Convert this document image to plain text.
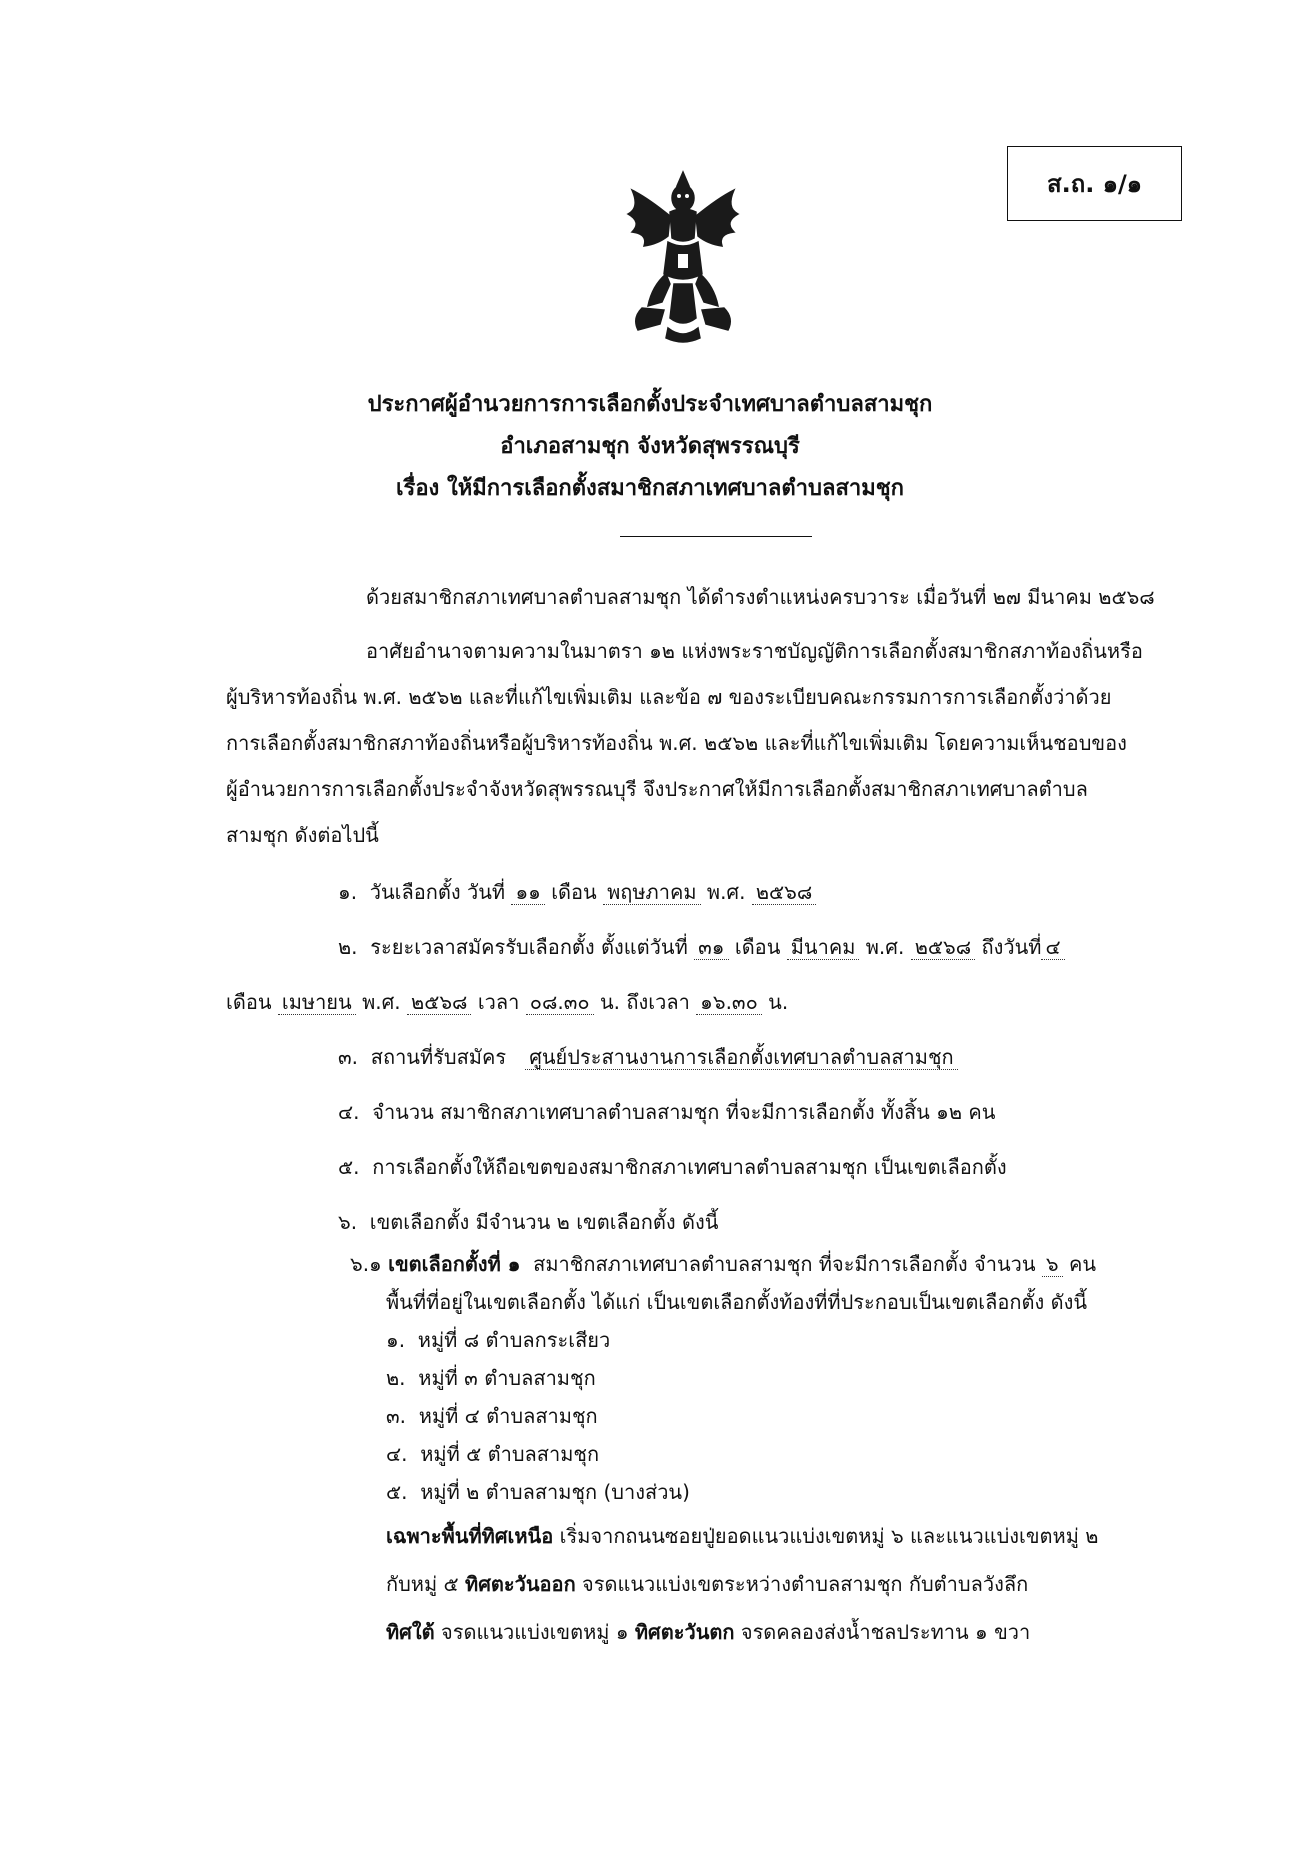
ส.ถ. ๑/๑
ประกาศผู้อำนวยการการเลือกตั้งประจำเทศบาลตำบลสามชุก
อำเภอสามชุก จังหวัดสุพรรณบุรี
เรื่อง ให้มีการเลือกตั้งสมาชิกสภาเทศบาลตำบลสามชุก
ด้วยสมาชิกสภาเทศบาลตำบลสามชุก ได้ดำรงตำแหน่งครบวาระ เมื่อวันที่ ๒๗ มีนาคม ๒๕๖๘
อาศัยอำนาจตามความในมาตรา ๑๒ แห่งพระราชบัญญัติการเลือกตั้งสมาชิกสภาท้องถิ่นหรือ
ผู้บริหารท้องถิ่น พ.ศ. ๒๕๖๒ และที่แก้ไขเพิ่มเติม และข้อ ๗ ของระเบียบคณะกรรมการการเลือกตั้งว่าด้วย
การเลือกตั้งสมาชิกสภาท้องถิ่นหรือผู้บริหารท้องถิ่น พ.ศ. ๒๕๖๒ และที่แก้ไขเพิ่มเติม โดยความเห็นชอบของ
ผู้อำนวยการการเลือกตั้งประจำจังหวัดสุพรรณบุรี จึงประกาศให้มีการเลือกตั้งสมาชิกสภาเทศบาลตำบล
สามชุก ดังต่อไปนี้
๑. วันเลือกตั้ง วันที่ ๑๑ เดือน พฤษภาคม พ.ศ. ๒๕๖๘
๒. ระยะเวลาสมัครรับเลือกตั้ง ตั้งแต่วันที่ ๓๑ เดือน มีนาคม พ.ศ. ๒๕๖๘ ถึงวันที่ ๔
เดือน เมษายน พ.ศ. ๒๕๖๘ เวลา ๐๘.๓๐ น. ถึงเวลา ๑๖.๓๐ น.
๓. สถานที่รับสมัคร ศูนย์ประสานงานการเลือกตั้งเทศบาลตำบลสามชุก
๔. จำนวน สมาชิกสภาเทศบาลตำบลสามชุก ที่จะมีการเลือกตั้ง ทั้งสิ้น ๑๒ คน
๕. การเลือกตั้งให้ถือเขตของสมาชิกสภาเทศบาลตำบลสามชุก เป็นเขตเลือกตั้ง
๖. เขตเลือกตั้ง มีจำนวน ๒ เขตเลือกตั้ง ดังนี้
๖.๑ เขตเลือกตั้งที่ ๑ สมาชิกสภาเทศบาลตำบลสามชุก ที่จะมีการเลือกตั้ง จำนวน ๖ คน
พื้นที่ที่อยู่ในเขตเลือกตั้ง ได้แก่ เป็นเขตเลือกตั้งท้องที่ที่ประกอบเป็นเขตเลือกตั้ง ดังนี้
๑. หมู่ที่ ๘ ตำบลกระเสียว
๒. หมู่ที่ ๓ ตำบลสามชุก
๓. หมู่ที่ ๔ ตำบลสามชุก
๔. หมู่ที่ ๕ ตำบลสามชุก
๕. หมู่ที่ ๒ ตำบลสามชุก (บางส่วน)
เฉพาะพื้นที่ทิศเหนือ เริ่มจากถนนซอยปู่ยอดแนวแบ่งเขตหมู่ ๖ และแนวแบ่งเขตหมู่ ๒
กับหมู่ ๕ ทิศตะวันออก จรดแนวแบ่งเขตระหว่างตำบลสามชุก กับตำบลวังลึก
ทิศใต้ จรดแนวแบ่งเขตหมู่ ๑ ทิศตะวันตก จรดคลองส่งน้ำชลประทาน ๑ ขวา
